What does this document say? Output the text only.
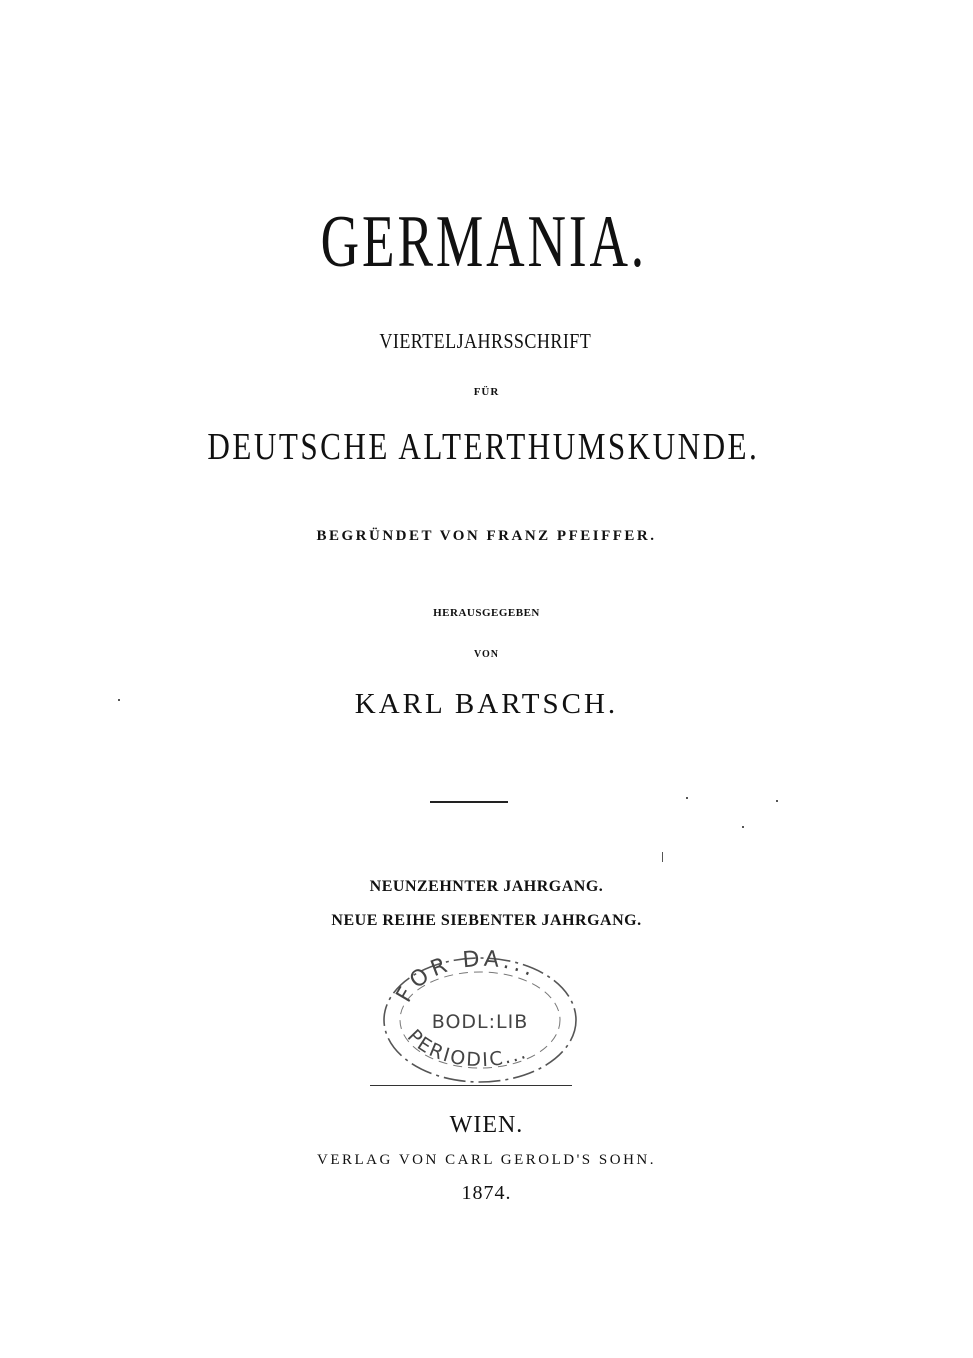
GERMANIA.
VIERTELJAHRSSCHRIFT
FÜR
DEUTSCHE ALTERTHUMSKUNDE.
BEGRÜNDET VON FRANZ PFEIFFER.
HERAUSGEGEBEN
VON
KARL BARTSCH.
NEUNZEHNTER JAHRGANG.
NEUE REIHE SIEBENTER JAHRGANG.
FOR DA...
BODL:LIB
PERIODIC...
WIEN.
VERLAG VON CARL GEROLD'S SOHN.
1874.
